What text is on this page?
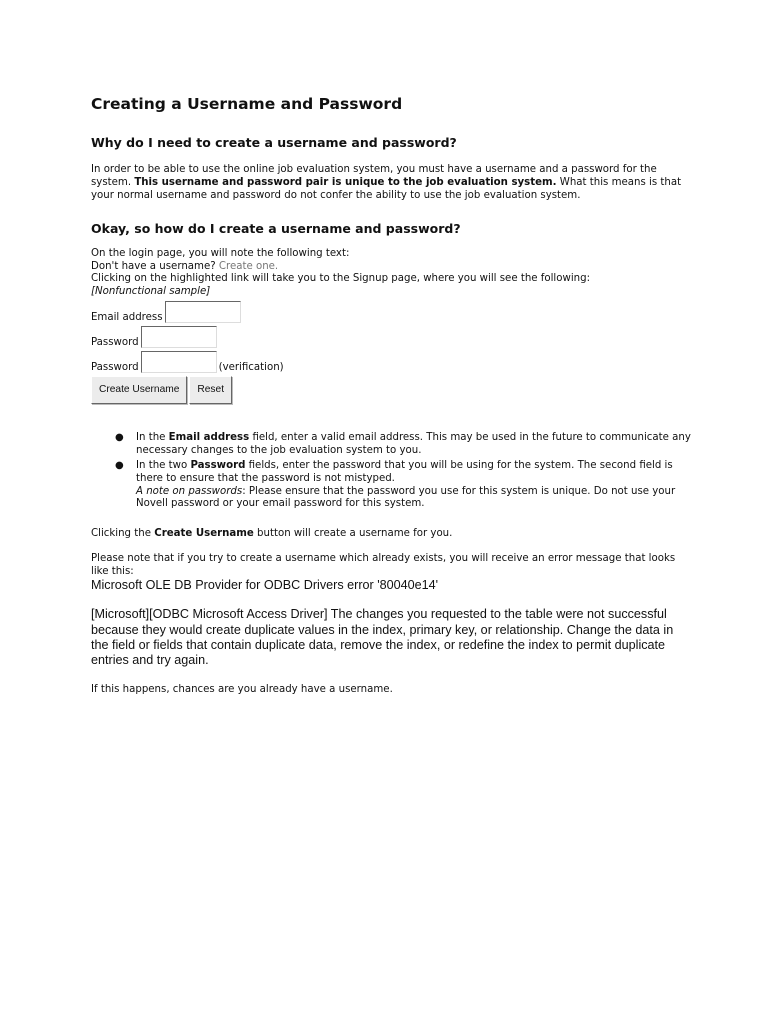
Creating a Username and Password
Why do I need to create a username and password?

In order to be able to use the online job evaluation system, you must have a username and a password for the system. This username and password pair is unique to the job evaluation system. What this means is that your normal username and password do not confer the ability to use the job evaluation system.

Okay, so how do I create a username and password?
On the login page, you will note the following text:
Don't have a username? Create one.
Clicking on the highlighted link will take you to the Signup page, where you will see the following:
[Nonfunctional sample]
Email address
Password
Password	(verification)
Create Username	Reset
● In the Email address field, enter a valid email address. This may be used in the future to communicate any necessary changes to the job evaluation system to you.
● In the two Password fields, enter the password that you will be using for the system. The second field is there to ensure that the password is not mistyped.
A note on passwords: Please ensure that the password you use for this system is unique. Do not use your Novell password or your email password for this system.

Clicking the Create Username button will create a username for you.

Please note that if you try to create a username which already exists, you will receive an error message that looks like this:

Microsoft OLE DB Provider for ODBC Drivers error '80040e14'
[Microsoft][ODBC Microsoft Access Driver] The changes you requested to the table were not successful because they would create duplicate values in the index, primary key, or relationship. Change the data in the field or fields that contain duplicate data, remove the index, or redefine the index to permit duplicate entries and try again.

If this happens, chances are you already have a username.
